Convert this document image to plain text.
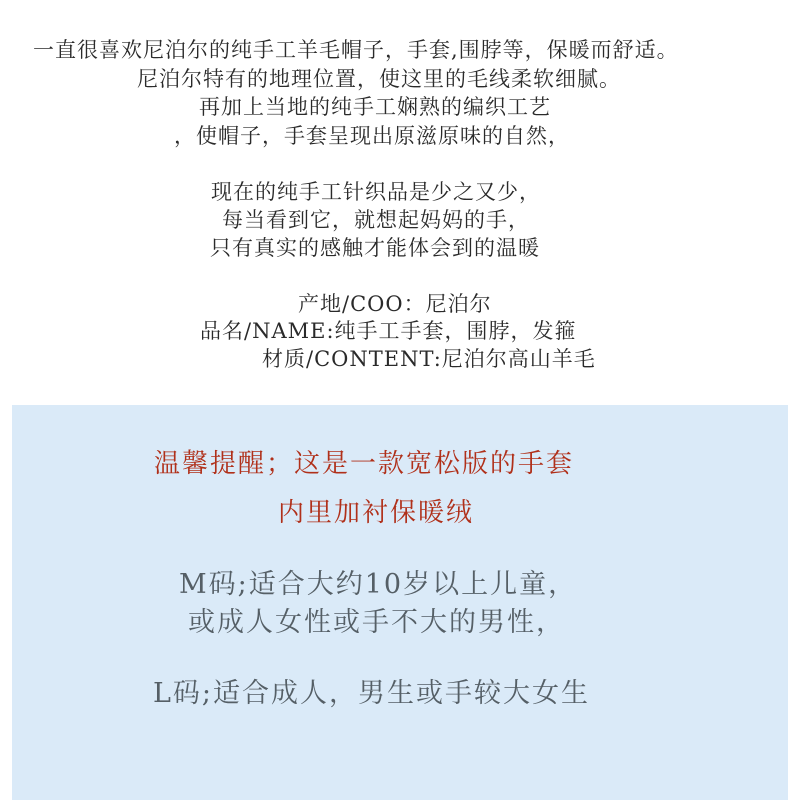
一直很喜欢尼泊尔的纯手工羊毛帽子，手套,围脖等，保暖而舒适。

尼泊尔特有的地理位置，使这里的毛线柔软细腻。

再加上当地的纯手工娴熟的编织工艺

，使帽子，手套呈现出原滋原味的自然，

现在的纯手工针织品是少之又少，

每当看到它，就想起妈妈的手，

只有真实的感触才能体会到的温暖

产地/COO：尼泊尔

品名/NAME:纯手工手套，围脖，发箍

材质/CONTENT:尼泊尔高山羊毛

温馨提醒；这是一款宽松版的手套

内里加衬保暖绒

M码;适合大约10岁以上儿童，

或成人女性或手不大的男性，

L码;适合成人，男生或手较大女生
